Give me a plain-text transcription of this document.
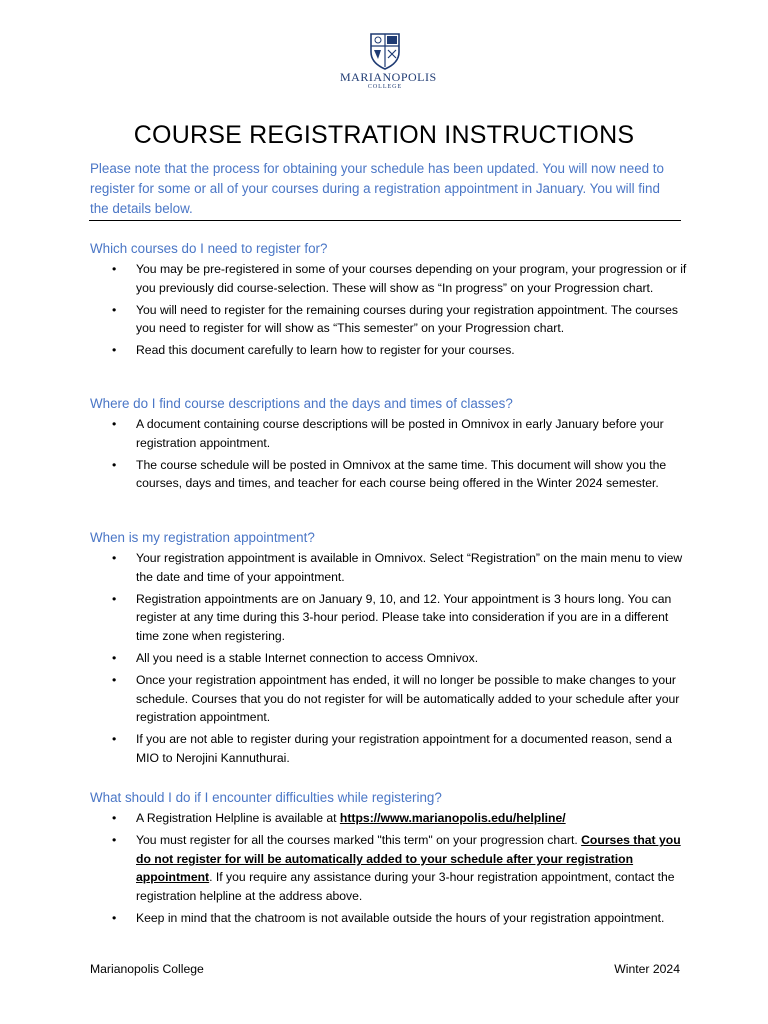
MARIANOPOLIS
COLLEGE
COURSE REGISTRATION INSTRUCTIONS
Please note that the process for obtaining your schedule has been updated. You will now need to register for some or all of your courses during a registration appointment in January. You will find the details below.
Which courses do I need to register for?
• You may be pre-registered in some of your courses depending on your program, your progression or if you previously did course-selection. These will show as “In progress” on your Progression chart.
• You will need to register for the remaining courses during your registration appointment. The courses you need to register for will show as “This semester” on your Progression chart.
• Read this document carefully to learn how to register for your courses.
Where do I find course descriptions and the days and times of classes?
• A document containing course descriptions will be posted in Omnivox in early January before your registration appointment.
• The course schedule will be posted in Omnivox at the same time. This document will show you the courses, days and times, and teacher for each course being offered in the Winter 2024 semester.
When is my registration appointment?
• Your registration appointment is available in Omnivox. Select “Registration” on the main menu to view the date and time of your appointment.
• Registration appointments are on January 9, 10, and 12. Your appointment is 3 hours long. You can register at any time during this 3-hour period. Please take into consideration if you are in a different time zone when registering.
• All you need is a stable Internet connection to access Omnivox.
• Once your registration appointment has ended, it will no longer be possible to make changes to your schedule. Courses that you do not register for will be automatically added to your schedule after your registration appointment.
• If you are not able to register during your registration appointment for a documented reason, send a MIO to Nerojini Kannuthurai.
What should I do if I encounter difficulties while registering?
• A Registration Helpline is available at https://www.marianopolis.edu/helpline/
• You must register for all the courses marked "this term" on your progression chart. Courses that you do not register for will be automatically added to your schedule after your registration appointment. If you require any assistance during your 3-hour registration appointment, contact the registration helpline at the address above.
• Keep in mind that the chatroom is not available outside the hours of your registration appointment.
Marianopolis College	Winter 2024
